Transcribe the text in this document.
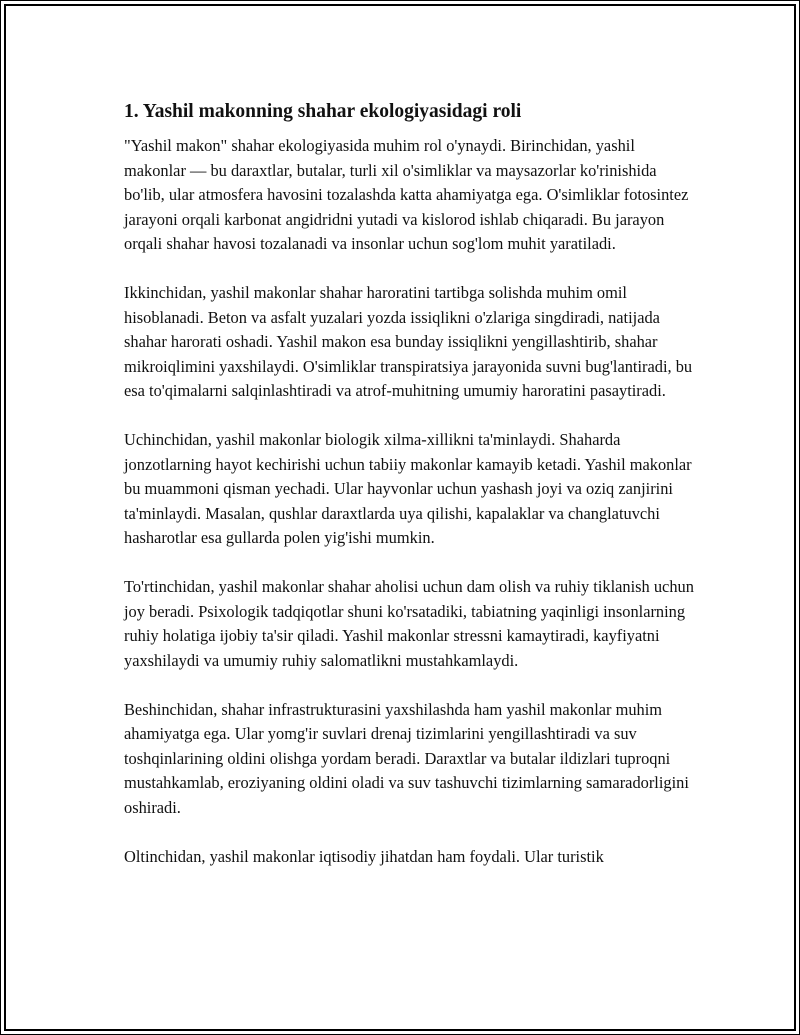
1. Yashil makonning shahar ekologiyasidagi roli

"Yashil makon" shahar ekologiyasida muhim rol o'ynaydi. Birinchidan, yashil makonlar — bu daraxtlar, butalar, turli xil o'simliklar va maysazorlar ko'rinishida bo'lib, ular atmosfera havosini tozalashda katta ahamiyatga ega. O'simliklar fotosintez jarayoni orqali karbonat angidridni yutadi va kislorod ishlab chiqaradi. Bu jarayon orqali shahar havosi tozalanadi va insonlar uchun sog'lom muhit yaratiladi.

Ikkinchidan, yashil makonlar shahar haroratini tartibga solishda muhim omil hisoblanadi. Beton va asfalt yuzalari yozda issiqlikni o'zlariga singdiradi, natijada shahar harorati oshadi. Yashil makon esa bunday issiqlikni yengillashtirib, shahar mikroiqlimini yaxshilaydi. O'simliklar transpiratsiya jarayonida suvni bug'lantiradi, bu esa to'qimalarni salqinlashtiradi va atrof-muhitning umumiy haroratini pasaytiradi.

Uchinchidan, yashil makonlar biologik xilma-xillikni ta'minlaydi. Shaharda jonzotlarning hayot kechirishi uchun tabiiy makonlar kamayib ketadi. Yashil makonlar bu muammoni qisman yechadi. Ular hayvonlar uchun yashash joyi va oziq zanjirini ta'minlaydi. Masalan, qushlar daraxtlarda uya qilishi, kapalaklar va changlatuvchi hasharotlar esa gullarda polen yig'ishi mumkin.

To'rtinchidan, yashil makonlar shahar aholisi uchun dam olish va ruhiy tiklanish uchun joy beradi. Psixologik tadqiqotlar shuni ko'rsatadiki, tabiatning yaqinligi insonlarning ruhiy holatiga ijobiy ta'sir qiladi. Yashil makonlar stressni kamaytiradi, kayfiyatni yaxshilaydi va umumiy ruhiy salomatlikni mustahkamlaydi.

Beshinchidan, shahar infrastrukturasini yaxshilashda ham yashil makonlar muhim ahamiyatga ega. Ular yomg'ir suvlari drenaj tizimlarini yengillashtiradi va suv toshqinlarining oldini olishga yordam beradi. Daraxtlar va butalar ildizlari tuproqni mustahkamlab, eroziyaning oldini oladi va suv tashuvchi tizimlarning samaradorligini oshiradi.

Oltinchidan, yashil makonlar iqtisodiy jihatdan ham foydali. Ular turistik
